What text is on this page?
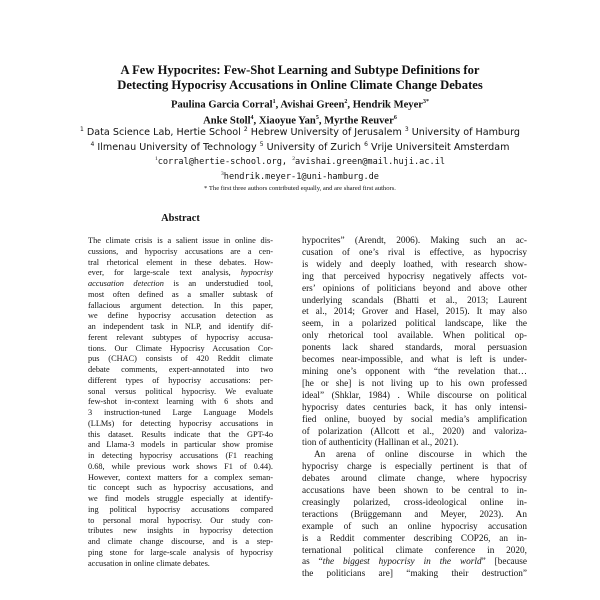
A Few Hypocrites: Few-Shot Learning and Subtype Definitions for
Detecting Hypocrisy Accusations in Online Climate Change Debates
Paulina Garcia Corral$^1$, Avishai Green$^2$, Hendrik Meyer$^{3*}$
Anke Stoll$^4$, Xiaoyue Yan$^5$, Myrthe Reuver$^6$
$^1$ Data Science Lab, Hertie School $^2$ Hebrew University of Jerusalem $^3$ University of Hamburg
$^4$ Ilmenau University of Technology $^5$ University of Zurich $^6$ Vrije Universiteit Amsterdam
$^1$corral@hertie-school.org, $^2$avishai.green@mail.huji.ac.il
$^3$hendrik.meyer-1@uni-hamburg.de
* The first three authors contributed equally, and are shared first authors.
Abstract
The climate crisis is a salient issue in online dis-
cussions, and hypocrisy accusations are a cen-
tral rhetorical element in these debates. How-
ever, for large-scale text analysis, hypocrisy
accusation detection is an understudied tool,
most often defined as a smaller subtask of
fallacious argument detection. In this paper,
we define hypocrisy accusation detection as
an independent task in NLP, and identify dif-
ferent relevant subtypes of hypocrisy accusa-
tions. Our Climate Hypocrisy Accusation Cor-
pus (CHAC) consists of 420 Reddit climate
debate comments, expert-annotated into two
different types of hypocrisy accusations: per-
sonal versus political hypocrisy. We evaluate
few-shot in-context learning with 6 shots and
3 instruction-tuned Large Language Models
(LLMs) for detecting hypocrisy accusations in
this dataset. Results indicate that the GPT-4o
and Llama-3 models in particular show promise
in detecting hypocrisy accusations (F1 reaching
0.68, while previous work shows F1 of 0.44).
However, context matters for a complex seman-
tic concept such as hypocrisy accusations, and
we find models struggle especially at identify-
ing political hypocrisy accusations compared
to personal moral hypocrisy. Our study con-
tributes new insights in hypocrisy detection
and climate change discourse, and is a step-
ping stone for large-scale analysis of hypocrisy
accusation in online climate debates.
hypocrites” (Arendt, 2006). Making such an ac-
cusation of one’s rival is effective, as hypocrisy
is widely and deeply loathed, with research show-
ing that perceived hypocrisy negatively affects vot-
ers’ opinions of politicians beyond and above other
underlying scandals (Bhatti et al., 2013; Laurent
et al., 2014; Grover and Hasel, 2015). It may also
seem, in a polarized political landscape, like the
only rhetorical tool available. When political op-
ponents lack shared standards, moral persuasion
becomes near-impossible, and what is left is under-
mining one’s opponent with “the revelation that…
[he or she] is not living up to his own professed
ideal” (Shklar, 1984) . While discourse on political
hypocrisy dates centuries back, it has only intensi-
fied online, buoyed by social media’s amplification
of polarization (Allcott et al., 2020) and valoriza-
tion of authenticity (Hallinan et al., 2021).
An arena of online discourse in which the
hypocrisy charge is especially pertinent is that of
debates around climate change, where hypocrisy
accusations have been shown to be central to in-
creasingly polarized, cross-ideological online in-
teractions (Brüggemann and Meyer, 2023). An
example of such an online hypocrisy accusation
is a Reddit commenter describing COP26, an in-
ternational political climate conference in 2020,
as “the biggest hypocrisy in the world” [because
the politicians are] “making their destruction”
